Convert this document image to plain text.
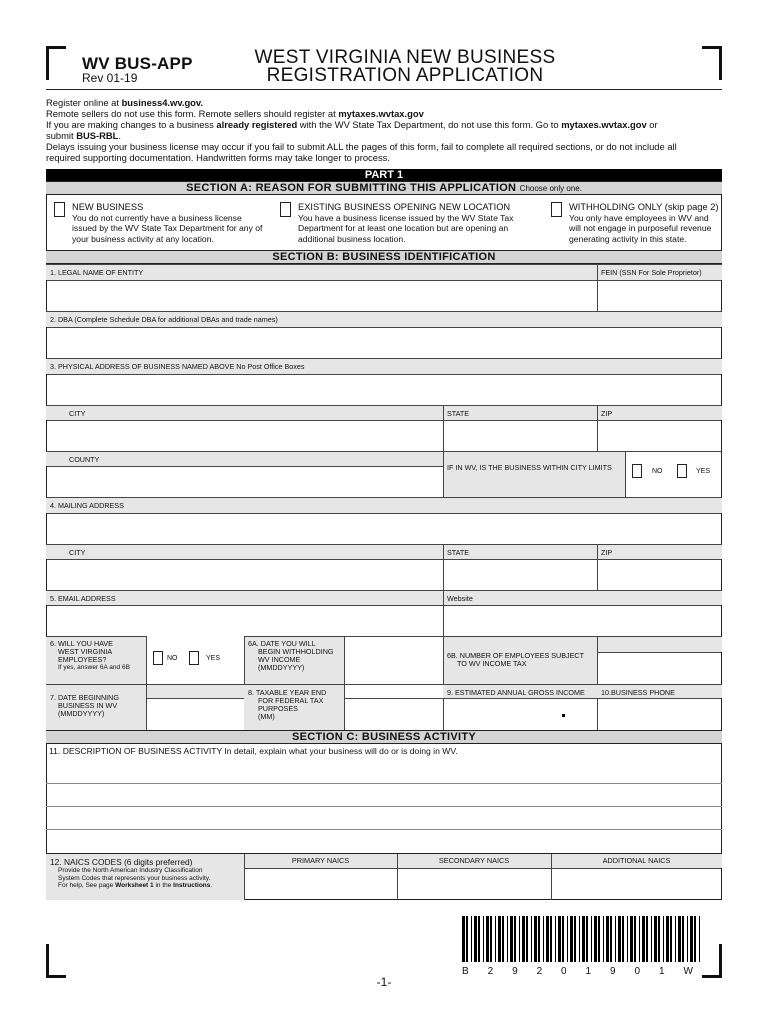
WV BUS-APP
Rev 01-19
WEST VIRGINIA NEW BUSINESS
REGISTRATION APPLICATION
Register online at business4.wv.gov.
Remote sellers do not use this form. Remote sellers should register at mytaxes.wvtax.gov
If you are making changes to a business already registered with the WV State Tax Department, do not use this form. Go to mytaxes.wvtax.gov or
submit BUS-RBL.
Delays issuing your business license may occur if you fail to submit ALL the pages of this form, fail to complete all required sections, or do not include all
required supporting documentation. Handwritten forms may take longer to process.
PART 1
SECTION A: REASON FOR SUBMITTING THIS APPLICATION Choose only one.
NEW BUSINESS
You do not currently have a business license
issued by the WV State Tax Department for any of
your business activity at any location.
EXISTING BUSINESS OPENING NEW LOCATION
You have a business license issued by the WV State Tax
Department for at least one location but are opening an
additional business location.
WITHHOLDING ONLY (skip page 2)
You only have employees in WV and
will not engage in purposeful revenue
generating activity in this state.
SECTION B: BUSINESS IDENTIFICATION
1. LEGAL NAME OF ENTITY	FEIN (SSN For Sole Proprietor)
2. DBA (Complete Schedule DBA for additional DBAs and trade names)
3. PHYSICAL ADDRESS OF BUSINESS NAMED ABOVE No Post Office Boxes
CITY	STATE	ZIP
COUNTY
IF IN WV, IS THE BUSINESS WITHIN CITY LIMITS	NO	YES
4. MAILING ADDRESS
CITY	STATE	ZIP
5. EMAIL ADDRESS	Website
6. WILL YOU HAVE
WEST VIRGINIA
EMPLOYEES?
If yes, answer 6A and 6B
NO	YES
6A. DATE YOU WILL
BEGIN WITHHOLDING
WV INCOME
(MMDDYYYY)
6B. NUMBER OF EMPLOYEES SUBJECT
TO WV INCOME TAX
7. DATE BEGINNING
BUSINESS IN WV
(MMDDYYYY)
8. TAXABLE YEAR END
FOR FEDERAL TAX
PURPOSES
(MM)
9. ESTIMATED ANNUAL GROSS INCOME	10.BUSINESS PHONE
SECTION C: BUSINESS ACTIVITY
11. DESCRIPTION OF BUSINESS ACTIVITY In detail, explain what your business will do or is doing in WV.
12. NAICS CODES (6 digits preferred)
Provide the North American Industry Classification
System Codes that represents your business activity.
For help, See page Worksheet 1 in the Instructions.
PRIMARY NAICS	SECONDARY NAICS	ADDITIONAL NAICS
B 2 9 2 0 1 9 0 1 W
-1-
